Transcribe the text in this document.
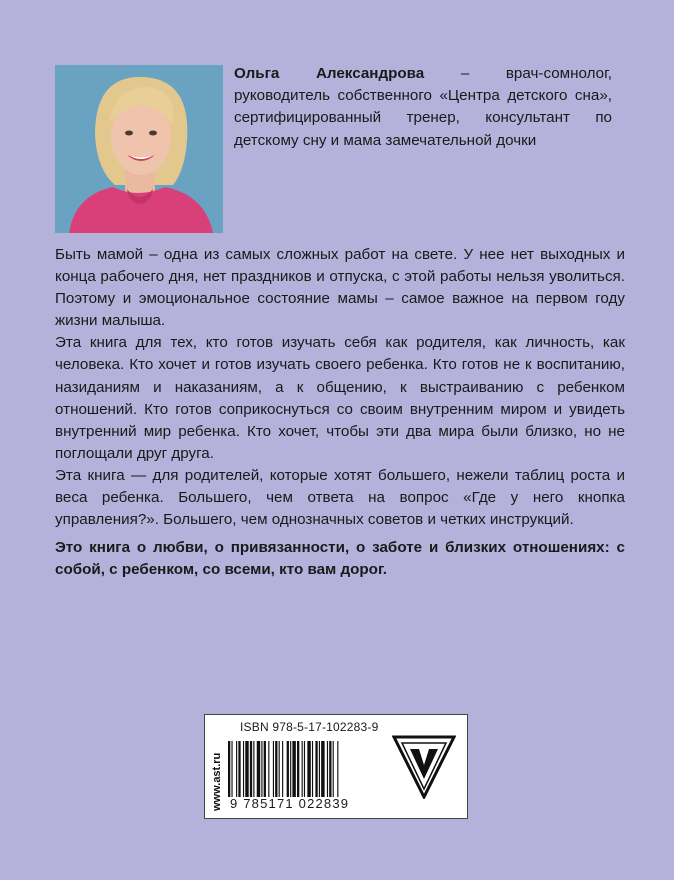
Ольга Александрова – врач-сомнолог, руководитель собственного «Центра детского сна», сертифицированный тренер, консультант по детскому сну и мама замечательной дочки

Быть мамой – одна из самых сложных работ на свете. У нее нет выходных и конца рабочего дня, нет праздников и отпуска, с этой работы нельзя уволиться. Поэтому и эмоциональное состояние мамы – самое важное на первом году жизни малыша.

Эта книга для тех, кто готов изучать себя как родителя, как личность, как человека. Кто хочет и готов изучать своего ребенка. Кто готов не к воспитанию, назиданиям и наказаниям, а к общению, к выстраиванию с ребенком отношений. Кто готов соприкоснуться со своим внутренним миром и увидеть внутренний мир ребенка. Кто хочет, чтобы эти два мира были близко, но не поглощали друг друга.

Эта книга — для родителей, которые хотят большего, нежели таблиц роста и веса ребенка. Большего, чем ответа на вопрос «Где у него кнопка управления?». Большего, чем однозначных советов и четких инструкций.

Это книга о любви, о привязанности, о заботе и близких отношениях: с собой, с ребенком, со всеми, кто вам дорог.

www.ast.ru
ISBN 978-5-17-102283-9
9 785171 022839
